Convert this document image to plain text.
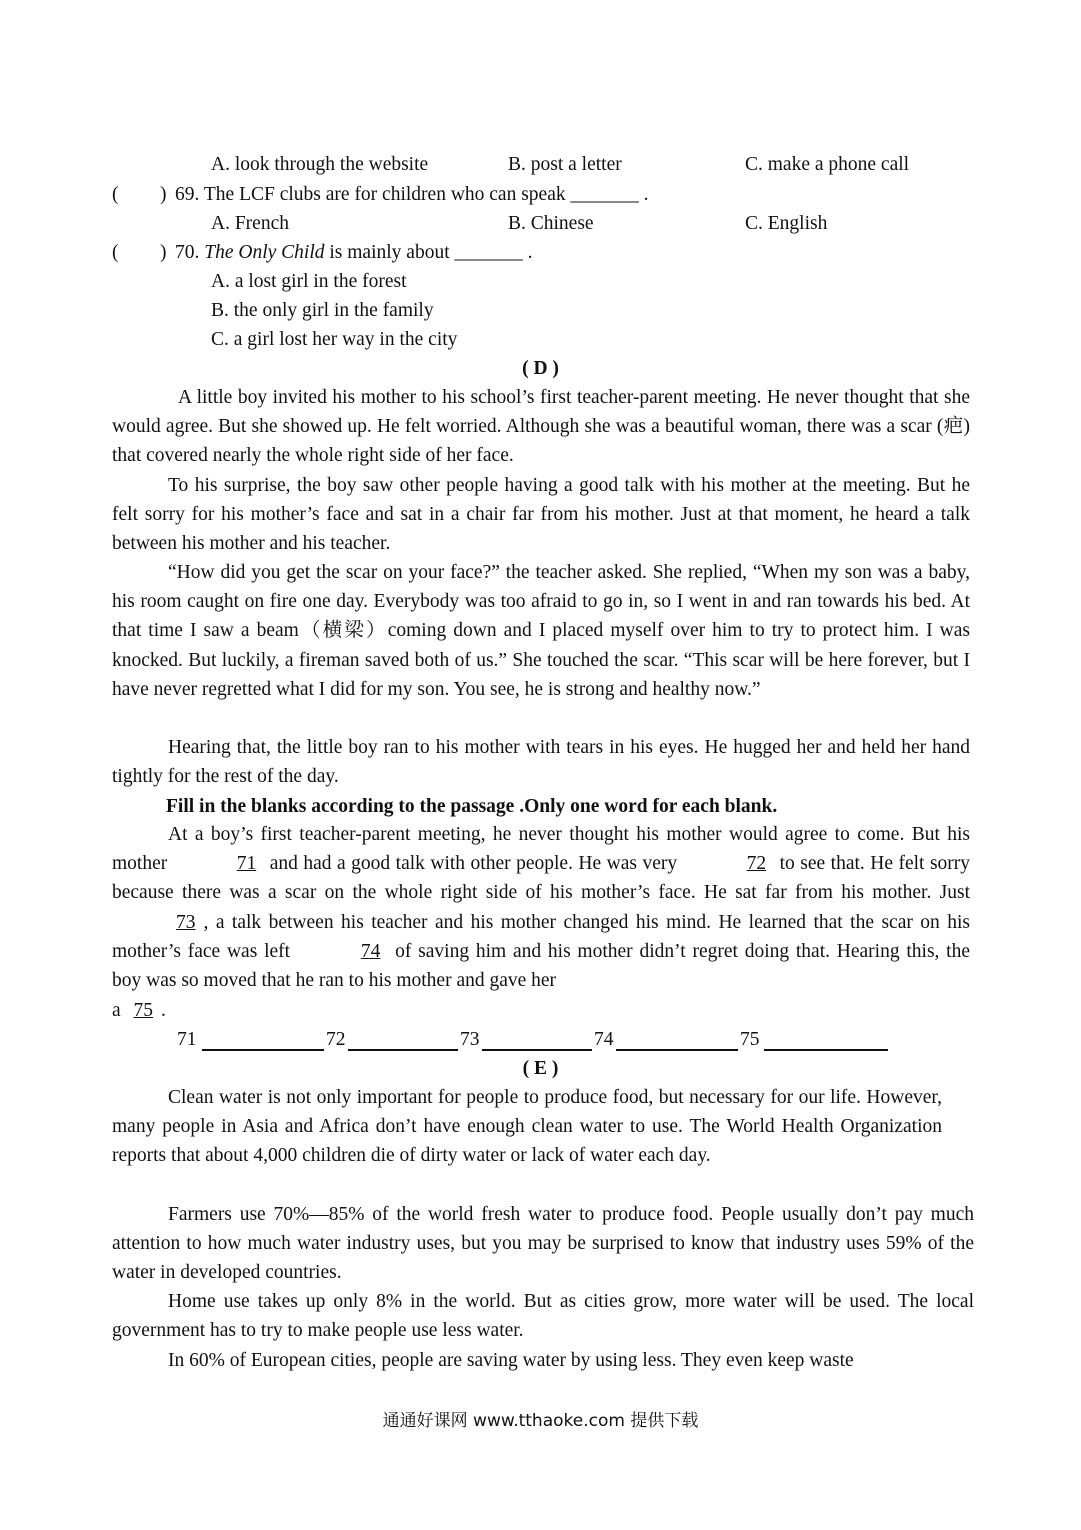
A. look through the website	B. post a letter	C. make a phone call
( ) 69. The LCF clubs are for children who can speak _______ .
A. French	B. Chinese	C. English
( ) 70. The Only Child is mainly about _______ .
A. a lost girl in the forest
B. the only girl in the family
C. a girl lost her way in the city
( D )
A little boy invited his mother to his school’s first teacher-parent meeting. He never thought that she would agree. But she showed up. He felt worried. Although she was a beautiful woman, there was a scar (疤) that covered nearly the whole right side of her face.
To his surprise, the boy saw other people having a good talk with his mother at the meeting. But he felt sorry for his mother’s face and sat in a chair far from his mother. Just at that moment, he heard a talk between his mother and his teacher.
“How did you get the scar on your face?” the teacher asked. She replied, “When my son was a baby, his room caught on fire one day. Everybody was too afraid to go in, so I went in and ran towards his bed. At that time I saw a beam（横梁）coming down and I placed myself over him to try to protect him. I was knocked. But luckily, a fireman saved both of us.” She touched the scar. “This scar will be here forever, but I have never regretted what I did for my son. You see, he is strong and healthy now.”
Hearing that, the little boy ran to his mother with tears in his eyes. He hugged her and held her hand tightly for the rest of the day.
Fill in the blanks according to the passage .Only one word for each blank.
At a boy’s first teacher-parent meeting, he never thought his mother would agree to come. But his mother	71 and had a good talk with other people. He was very	72 to see that. He felt sorry because there was a scar on the whole right side of his mother’s face. He sat far from his mother. Just 73 , a talk between his teacher and his mother changed his mind. He learned that the scar on his mother’s face was left	74 of saving him and his mother didn’t regret doing that. Hearing this, the boy was so moved that he ran to his mother and gave her
a 75 .
71	72	73	74	75
( E )
Clean water is not only important for people to produce food, but necessary for our life. However, many people in Asia and Africa don’t have enough clean water to use. The World Health Organization reports that about 4,000 children die of dirty water or lack of water each day.
Farmers use 70%—85% of the world fresh water to produce food. People usually don’t pay much attention to how much water industry uses, but you may be surprised to know that industry uses 59% of the water in developed countries.
Home use takes up only 8% in the world. But as cities grow, more water will be used. The local government has to try to make people use less water.
In 60% of European cities, people are saving water by using less. They even keep waste
通通好课网 www.tthaoke.com 提供下载
